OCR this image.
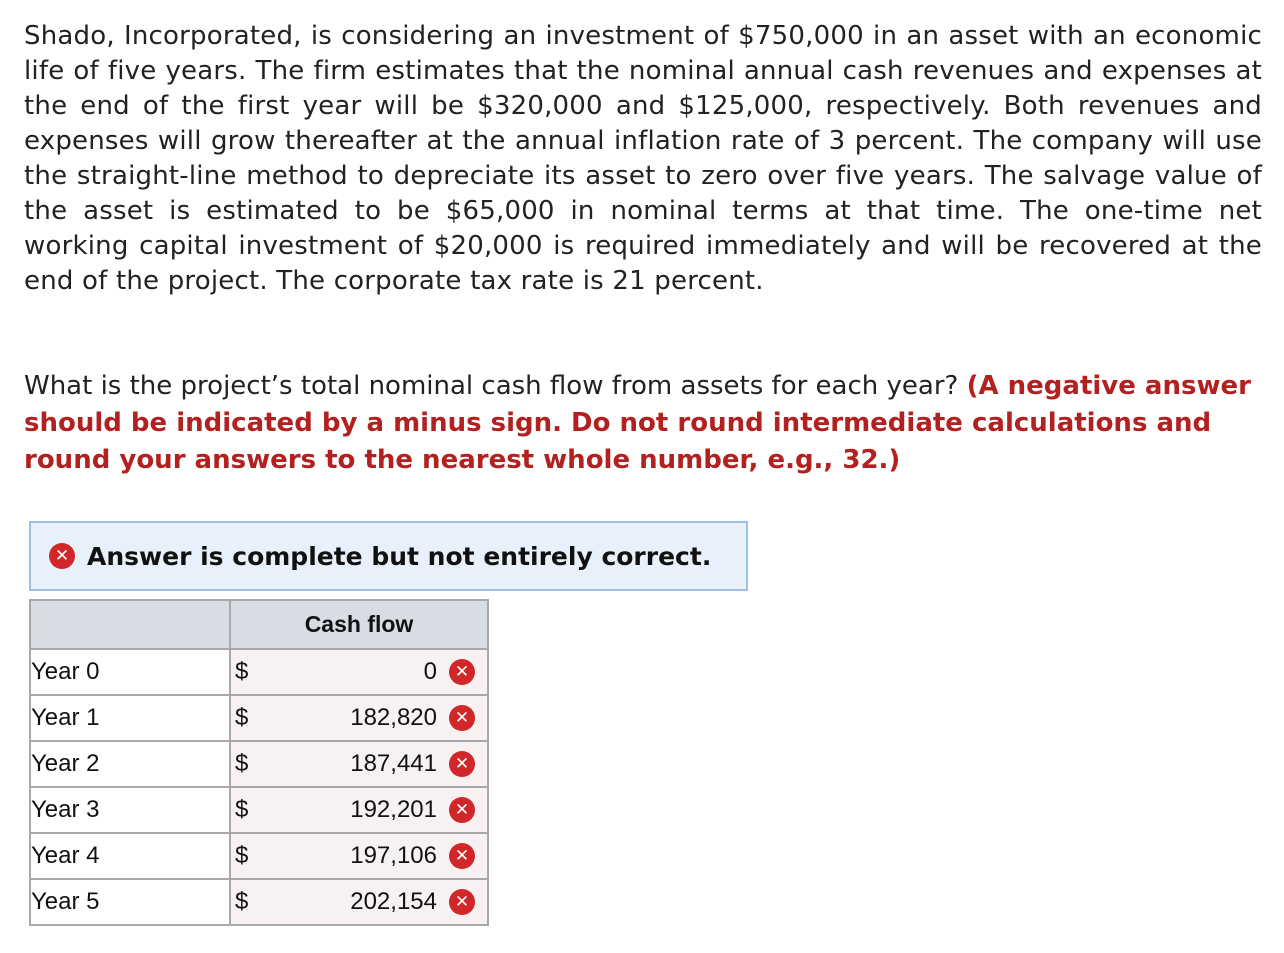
Shado, Incorporated, is considering an investment of $750,000 in an asset with an economic life of five years. The firm estimates that the nominal annual cash revenues and expenses at the end of the first year will be $320,000 and $125,000, respectively. Both revenues and expenses will grow thereafter at the annual inflation rate of 3 percent. The company will use the straight-line method to depreciate its asset to zero over five years. The salvage value of the asset is estimated to be $65,000 in nominal terms at that time. The one-time net working capital investment of $20,000 is required immediately and will be recovered at the end of the project. The corporate tax rate is 21 percent.

What is the project’s total nominal cash flow from assets for each year? (A negative answer should be indicated by a minus sign. Do not round intermediate calculations and round your answers to the nearest whole number, e.g., 32.)

✕ Answer is complete but not entirely correct.
	Cash flow
Year 0	$ 0 ✕

Year 1	$ 182,820 ✕

Year 2	$ 187,441 ✕

Year 3	$ 192,201 ✕

Year 4	$ 197,106 ✕

Year 5	$ 202,154 ✕
